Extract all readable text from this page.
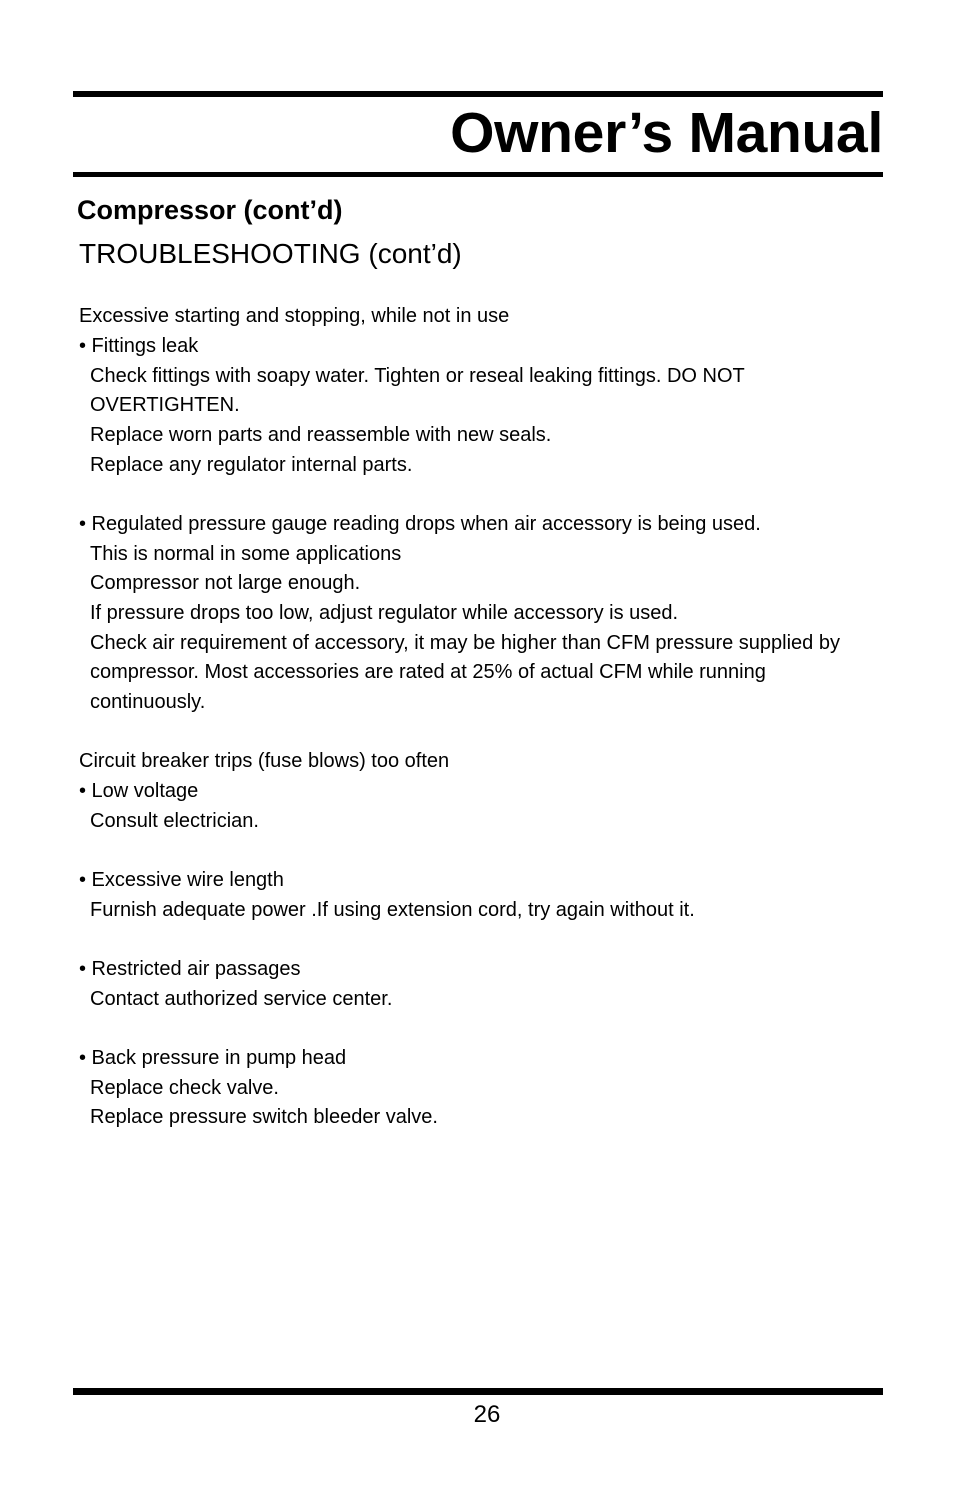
Owner’s Manual
Compressor (cont’d)
TROUBLESHOOTING (cont’d)
Excessive starting and stopping, while not in use
• Fittings leak
Check fittings with soapy water. Tighten or reseal leaking fittings. DO NOT
OVERTIGHTEN.
Replace worn parts and reassemble with new seals.
Replace any regulator internal parts.
• Regulated pressure gauge reading drops when air accessory is being used.
This is normal in some applications
Compressor not large enough.
If pressure drops too low, adjust regulator while accessory is used.
Check air requirement of accessory, it may be higher than CFM pressure supplied by
compressor. Most accessories are rated at 25% of actual CFM while running
continuously.
Circuit breaker trips (fuse blows) too often
• Low voltage
Consult electrician.
• Excessive wire length
Furnish adequate power .If using extension cord, try again without it.
• Restricted air passages
Contact authorized service center.
• Back pressure in pump head
Replace check valve.
Replace pressure switch bleeder valve.
26
